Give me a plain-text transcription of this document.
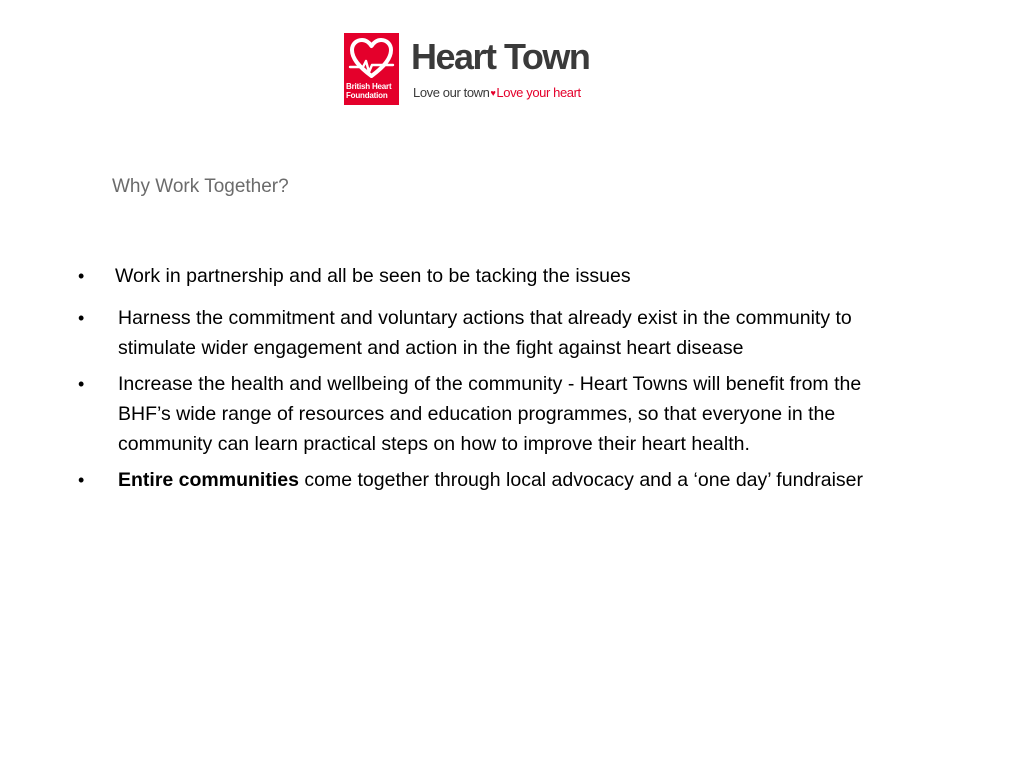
British Heart
Foundation
Heart Town
Love our town♥Love your heart
Why Work Together?
•	Work in partnership and all be seen to be tacking the issues
•	Harness the commitment and voluntary actions that already exist in the community to stimulate wider engagement and action in the fight against heart disease
•	Increase the health and wellbeing of the community - Heart Towns will benefit from the BHF’s wide range of resources and education programmes, so that everyone in the community can learn practical steps on how to improve their heart health.
•	Entire communities come together through local advocacy and a ‘one day’ fundraiser
